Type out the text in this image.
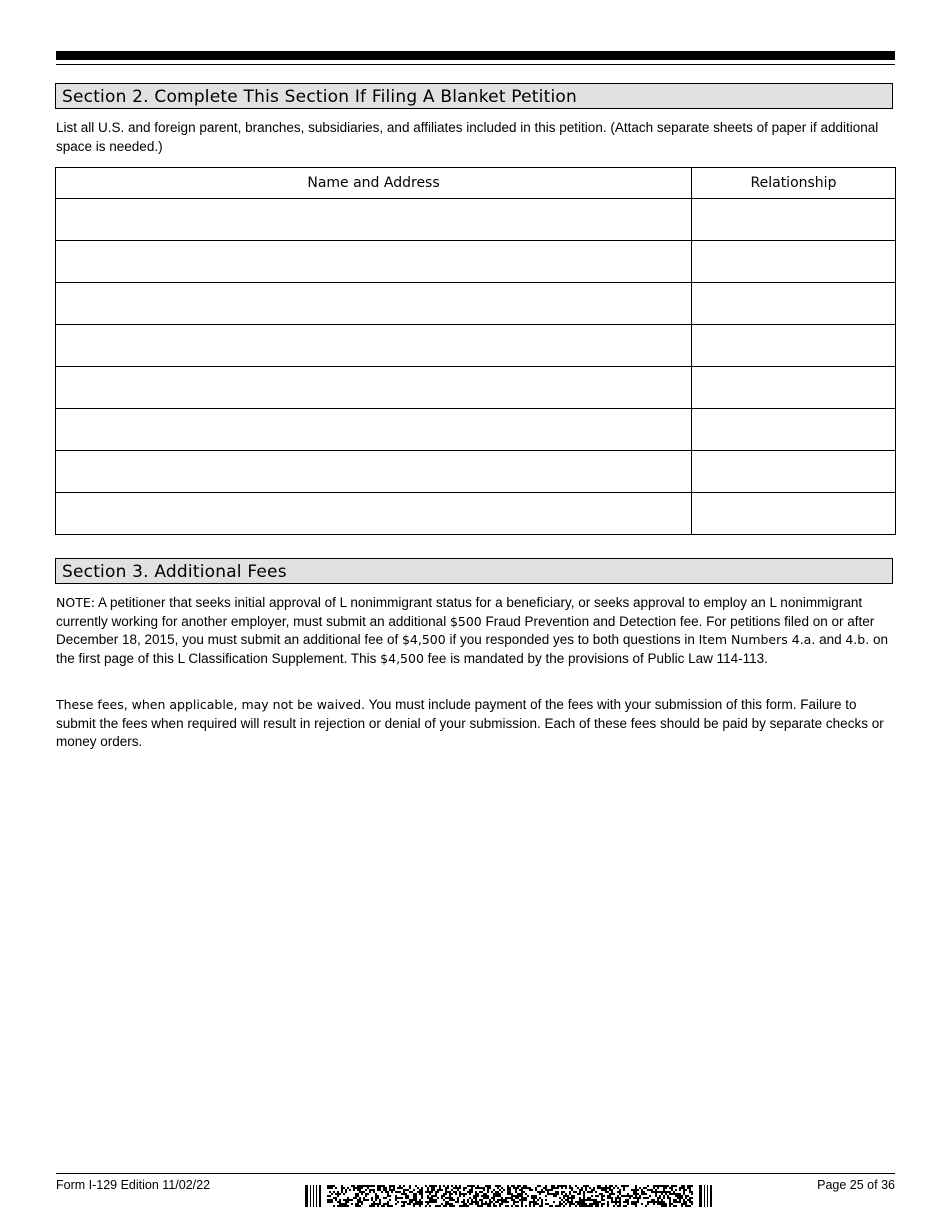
Section 2. Complete This Section If Filing A Blanket Petition
List all U.S. and foreign parent, branches, subsidiaries, and affiliates included in this petition. (Attach separate sheets of paper if additional space is needed.)
Name and Address	Relationship

Section 3. Additional Fees
NOTE: A petitioner that seeks initial approval of L nonimmigrant status for a beneficiary, or seeks approval to employ an L nonimmigrant currently working for another employer, must submit an additional $500 Fraud Prevention and Detection fee. For petitions filed on or after December 18, 2015, you must submit an additional fee of $4,500 if you responded yes to both questions in Item Numbers 4.a. and 4.b. on the first page of this L Classification Supplement. This $4,500 fee is mandated by the provisions of Public Law 114-113.
These fees, when applicable, may not be waived. You must include payment of the fees with your submission of this form. Failure to submit the fees when required will result in rejection or denial of your submission. Each of these fees should be paid by separate checks or money orders.
Form I-129 Edition 11/02/22	Page 25 of 36
